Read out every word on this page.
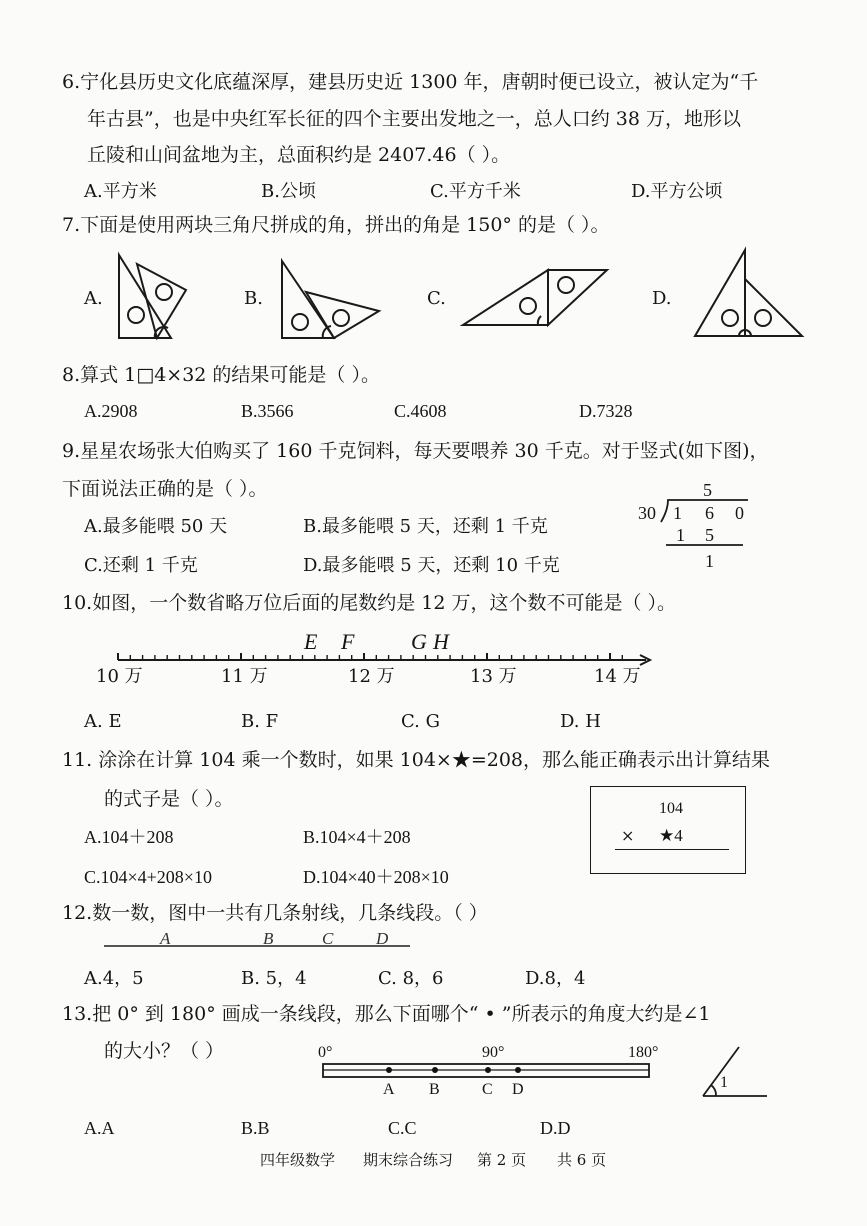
6.宁化县历史文化底蕴深厚，建县历史近 1300 年，唐朝时便已设立，被认定为“千
年古县”，也是中央红军长征的四个主要出发地之一，总人口约 38 万，地形以
丘陵和山间盆地为主，总面积约是 2407.46（ ）。
A.平方米	B.公顷	C.平方千米	D.平方公顷
7.下面是使用两块三角尺拼成的角，拼出的角是 150° 的是（ ）。
A.	B.	C.	D.
8.算式 1□4×32 的结果可能是（ ）。
A.2908	B.3566	C.4608	D.7328
9.星星农场张大伯购买了 160 千克饲料，每天要喂养 30 千克。对于竖式(如下图)，
下面说法正确的是（ ）。
A.最多能喂 50 天	B.最多能喂 5 天，还剩 1 千克
C.还剩 1 千克	D.最多能喂 5 天，还剩 10 千克
5
30 1 6 0
1 5
1
10.如图，一个数省略万位后面的尾数约是 12 万，这个数不可能是（ ）。
E F	G H
10 万	11 万	12 万	13 万	14 万
A. E	B. F	C. G	D. H
11. 涂涂在计算 104 乘一个数时，如果 104×★=208，那么能正确表示出计算结果
的式子是（ ）。
A.104＋208	B.104×4＋208
C.104×4+208×10	D.104×40＋208×10
104
× ★4
12.数一数，图中一共有几条射线，几条线段。（ ）
A	B	C	D
A.4，5	B. 5，4	C. 8，6	D.8，4
13.把 0° 到 180° 画成一条线段，那么下面哪个“ • ”所表示的角度大约是∠1
的大小？（ ）	0°	90°	180°
A B	C D	1
A.A	B.B	C.C	D.D
四年级数学 期末综合练习 第 2 页 共 6 页
